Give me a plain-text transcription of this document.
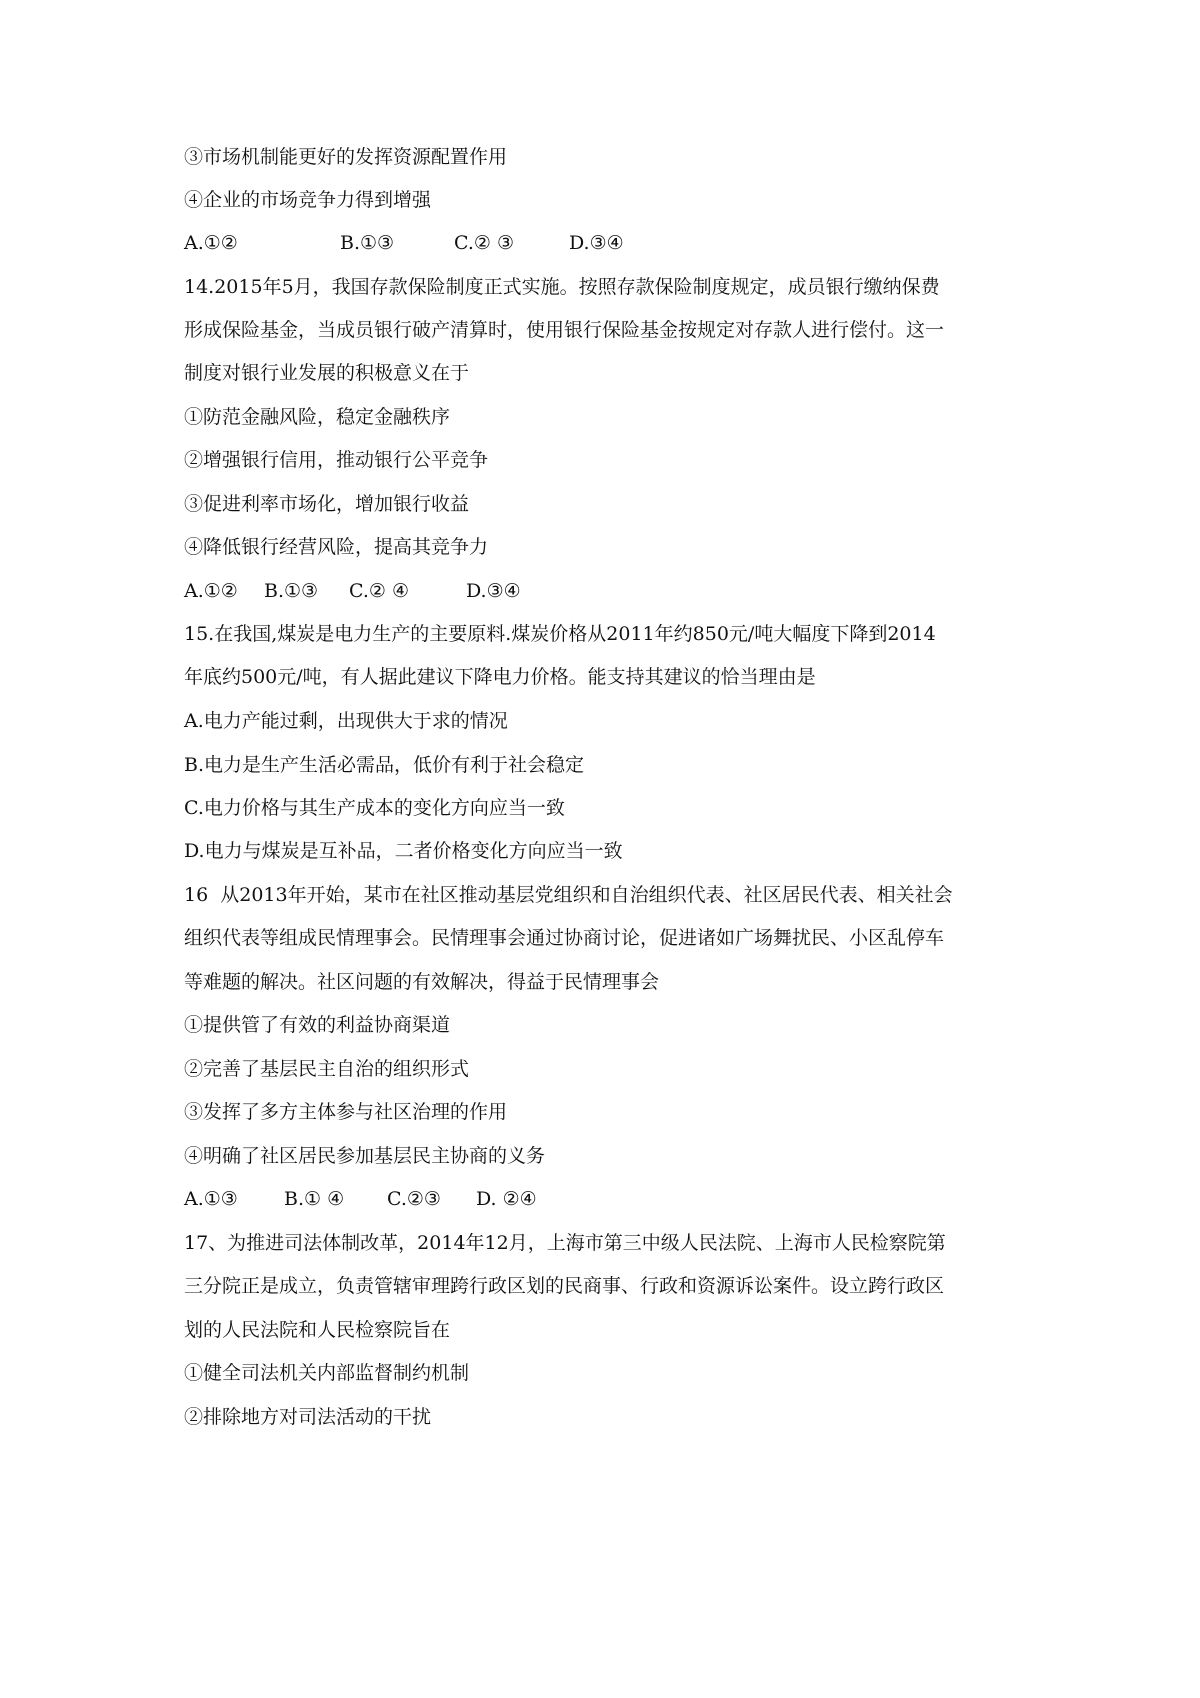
③市场机制能更好的发挥资源配置作用
④企业的市场竞争力得到增强
A.①②	B.①③	C.② ③	D.③④
14.2015年5月，我国存款保险制度正式实施。按照存款保险制度规定，成员银行缴纳保费
形成保险基金，当成员银行破产清算时，使用银行保险基金按规定对存款人进行偿付。这一
制度对银行业发展的积极意义在于
①防范金融风险，稳定金融秩序
②增强银行信用，推动银行公平竞争
③促进利率市场化，增加银行收益
④降低银行经营风险，提高其竞争力
A.①② B.①③ C.② ④	D.③④
15.在我国,煤炭是电力生产的主要原料.煤炭价格从2011年约850元/吨大幅度下降到2014
年底约500元/吨，有人据此建议下降电力价格。能支持其建议的恰当理由是
A.电力产能过剩，出现供大于求的情况
B.电力是生产生活必需品，低价有利于社会稳定
C.电力价格与其生产成本的变化方向应当一致
D.电力与煤炭是互补品，二者价格变化方向应当一致
16  从2013年开始，某市在社区推动基层党组织和自治组织代表、社区居民代表、相关社会
组织代表等组成民情理事会。民情理事会通过协商讨论，促进诸如广场舞扰民、小区乱停车
等难题的解决。社区问题的有效解决，得益于民情理事会
①提供管了有效的利益协商渠道
②完善了基层民主自治的组织形式
③发挥了多方主体参与社区治理的作用
④明确了社区居民参加基层民主协商的义务
A.①③ B.① ④ C.②③ D. ②④
17、为推进司法体制改革，2014年12月，上海市第三中级人民法院、上海市人民检察院第
三分院正是成立，负责管辖审理跨行政区划的民商事、行政和资源诉讼案件。设立跨行政区
划的人民法院和人民检察院旨在
①健全司法机关内部监督制约机制
②排除地方对司法活动的干扰
